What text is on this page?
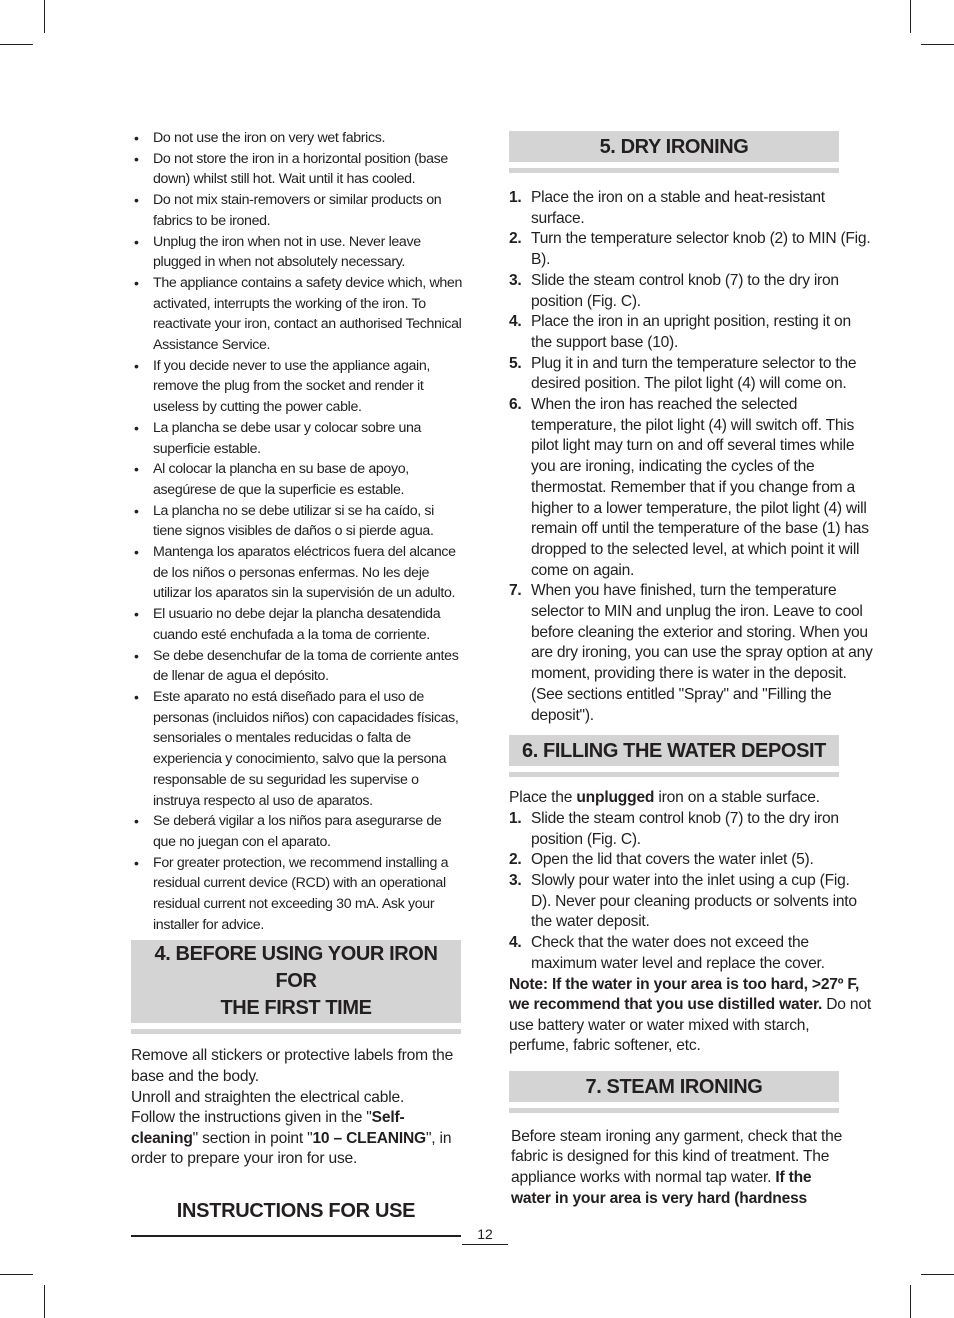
• Do not use the iron on very wet fabrics.
• Do not store the iron in a horizontal position (base down) whilst still hot. Wait until it has cooled.
• Do not mix stain-removers or similar products on fabrics to be ironed.
• Unplug the iron when not in use. Never leave plugged in when not absolutely necessary.
• The appliance contains a safety device which, when activated, interrupts the working of the iron. To reactivate your iron, contact an authorised Technical Assistance Service.
• If you decide never to use the appliance again, remove the plug from the socket and render it useless by cutting the power cable.
• La plancha se debe usar y colocar sobre una superficie estable.
• Al colocar la plancha en su base de apoyo, asegúrese de que la superficie es estable.
• La plancha no se debe utilizar si se ha caído, si tiene signos visibles de daños o si pierde agua.
• Mantenga los aparatos eléctricos fuera del alcance de los niños o personas enfermas. No les deje utilizar los aparatos sin la supervisión de un adulto.
• El usuario no debe dejar la plancha desatendida cuando esté enchufada a la toma de corriente.
• Se debe desenchufar de la toma de corriente antes de llenar de agua el depósito.
• Este aparato no está diseñado para el uso de personas (incluidos niños) con capacidades físicas, sensoriales o mentales reducidas o falta de experiencia y conocimiento, salvo que la persona responsable de su seguridad les supervise o instruya respecto al uso de aparatos.
• Se deberá vigilar a los niños para asegurarse de que no juegan con el aparato.
• For greater protection, we recommend installing a residual current device (RCD) with an operational residual current not exceeding 30 mA. Ask your installer for advice.
4. BEFORE USING YOUR IRON FOR
THE FIRST TIME
Remove all stickers or protective labels from the base and the body.
Unroll and straighten the electrical cable.
Follow the instructions given in the "Self-cleaning" section in point "10 – CLEANING", in order to prepare your iron for use.
INSTRUCTIONS FOR USE
5. DRY IRONING
1. Place the iron on a stable and heat-resistant surface.
2. Turn the temperature selector knob (2) to MIN (Fig. B).
3. Slide the steam control knob (7) to the dry iron position (Fig. C).
4. Place the iron in an upright position, resting it on the support base (10).
5. Plug it in and turn the temperature selector to the desired position. The pilot light (4) will come on.
6. When the iron has reached the selected temperature, the pilot light (4) will switch off. This pilot light may turn on and off several times while you are ironing, indicating the cycles of the thermostat. Remember that if you change from a higher to a lower temperature, the pilot light (4) will remain off until the temperature of the base (1) has dropped to the selected level, at which point it will come on again.
7. When you have finished, turn the temperature selector to MIN and unplug the iron. Leave to cool before cleaning the exterior and storing. When you are dry ironing, you can use the spray option at any moment, providing there is water in the deposit. (See sections entitled "Spray" and "Filling the deposit").
6. FILLING THE WATER DEPOSIT
Place the unplugged iron on a stable surface.
1. Slide the steam control knob (7) to the dry iron position (Fig. C).
2. Open the lid that covers the water inlet (5).
3. Slowly pour water into the inlet using a cup (Fig. D). Never pour cleaning products or solvents into the water deposit.
4. Check that the water does not exceed the maximum water level and replace the cover.
Note: If the water in your area is too hard, >27º F, we recommend that you use distilled water. Do not use battery water or water mixed with starch, perfume, fabric softener, etc.
7. STEAM IRONING
Before steam ironing any garment, check that the fabric is designed for this kind of treatment. The appliance works with normal tap water. If the water in your area is very hard (hardness
12
